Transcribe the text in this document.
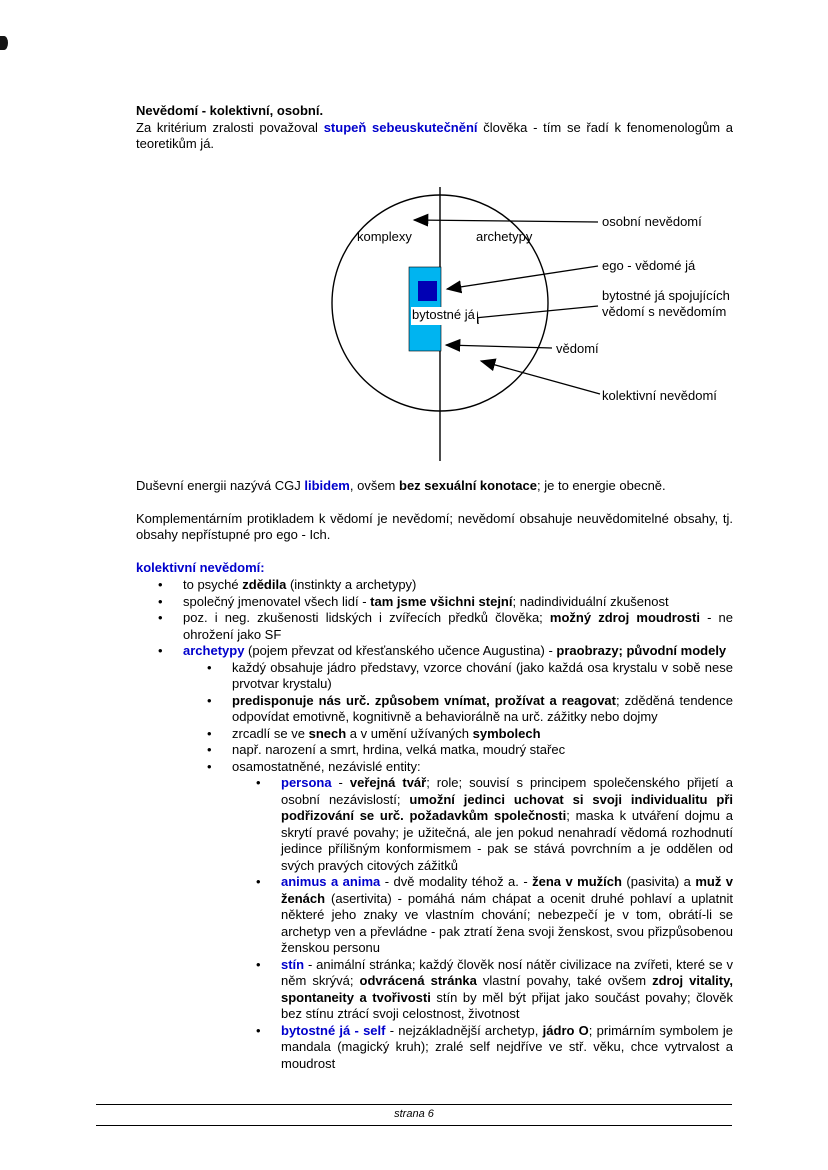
Nevědomí - kolektivní, osobní.
Za kritérium zralosti považoval stupeň sebeuskutečnění člověka - tím se řadí k fenomenologům a teoretikům já.
komplexy	archetypy
bytostné já
osobní nevědomí
ego - vědomé já
bytostné já spojujících
vědomí s nevědomím
vědomí
kolektivní nevědomí
Duševní energii nazývá CGJ libidem, ovšem bez sexuální konotace; je to energie obecně.
Komplementárním protikladem k vědomí je nevědomí; nevědomí obsahuje neuvědomitelné obsahy, tj. obsahy nepřístupné pro ego - Ich.
kolektivní nevědomí:
•	to psyché zdědila (instinkty a archetypy)
•	společný jmenovatel všech lidí - tam jsme všichni stejní; nadindividuální zkušenost
•	poz. i neg. zkušenosti lidských i zvířecích předků člověka; možný zdroj moudrosti - ne ohrožení jako SF
•	archetypy (pojem převzat od křesťanského učence Augustina) - praobrazy; původní modely
•	každý obsahuje jádro představy, vzorce chování (jako každá osa krystalu v sobě nese prvotvar krystalu)
•	predisponuje nás urč. způsobem vnímat, prožívat a reagovat; zděděná tendence odpovídat emotivně, kognitivně a behaviorálně na urč. zážitky nebo dojmy
•	zrcadlí se ve snech a v umění užívaných symbolech
•	např. narození a smrt, hrdina, velká matka, moudrý stařec
•	osamostatněné, nezávislé entity:
•	persona - veřejná tvář; role; souvisí s principem společenského přijetí a osobní nezávislostí; umožní jedinci uchovat si svoji individualitu při podřizování se urč. požadavkům společnosti; maska k utváření dojmu a skrytí pravé povahy; je užitečná, ale jen pokud nenahradí vědomá rozhodnutí jedince přílišným konformismem - pak se stává povrchním a je oddělen od svých pravých citových zážitků
•	animus a anima - dvě modality téhož a. - žena v mužích (pasivita) a muž v ženách (asertivita) - pomáhá nám chápat a ocenit druhé pohlaví a uplatnit některé jeho znaky ve vlastním chování; nebezpečí je v tom, obrátí-li se archetyp ven a převládne - pak ztratí žena svoji ženskost, svou přizpůsobenou ženskou personu
•	stín - animální stránka; každý člověk nosí nátěr civilizace na zvířeti, které se v něm skrývá; odvrácená stránka vlastní povahy, také ovšem zdroj vitality, spontaneity a tvořivosti stín by měl být přijat jako součást povahy; člověk bez stínu ztrácí svoji celostnost, životnost
•	bytostné já - self - nejzákladnější archetyp, jádro O; primárním symbolem je mandala (magický kruh); zralé self nejdříve ve stř. věku, chce vytrvalost a moudrost
strana 6
